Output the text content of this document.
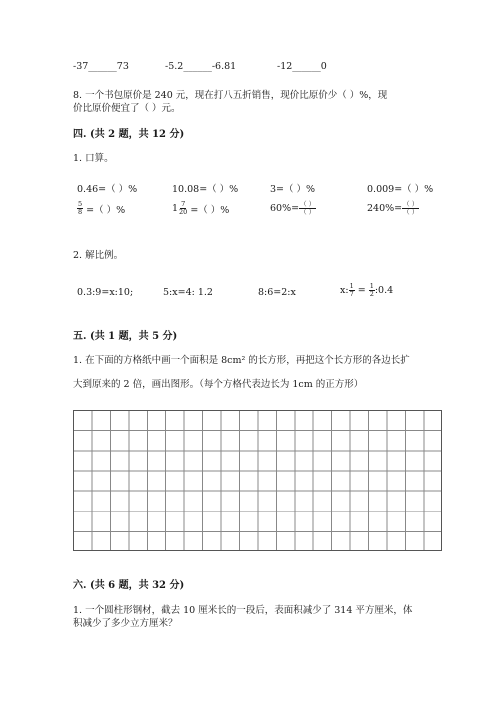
-37______73	-5.2______-6.81	-12______0
8. 一个书包原价是 240 元，现在打八五折销售，现价比原价少（ ）%，现
价比原价便宜了（ ）元。
四. (共 2 题，共 12 分)
1. 口算。
0.46=（ ）%	10.08=（ ）%	3=（ ）%	0.009=（ ）%
$\frac{5}{8}$ =（ ）%	$1 \frac{7}{20}$ =（ ）%	$60\%= \frac{( )}{( )}$	$240\%= \frac{( )}{( )}$
2. 解比例。
0.3:9=x:10;	5:x=4: 1.2	8:6=2:x	x: $\frac{1}{7} = \frac{1}{2}$ :0.4
五. (共 1 题，共 5 分)
1. 在下面的方格纸中画一个面积是 8cm² 的长方形，再把这个长方形的各边长扩
大到原来的 2 倍，画出图形。（每个方格代表边长为 1cm 的正方形）
六. (共 6 题，共 32 分)
1. 一个圆柱形钢材，截去 10 厘米长的一段后，表面积减少了 314 平方厘米，体
积减少了多少立方厘米？
